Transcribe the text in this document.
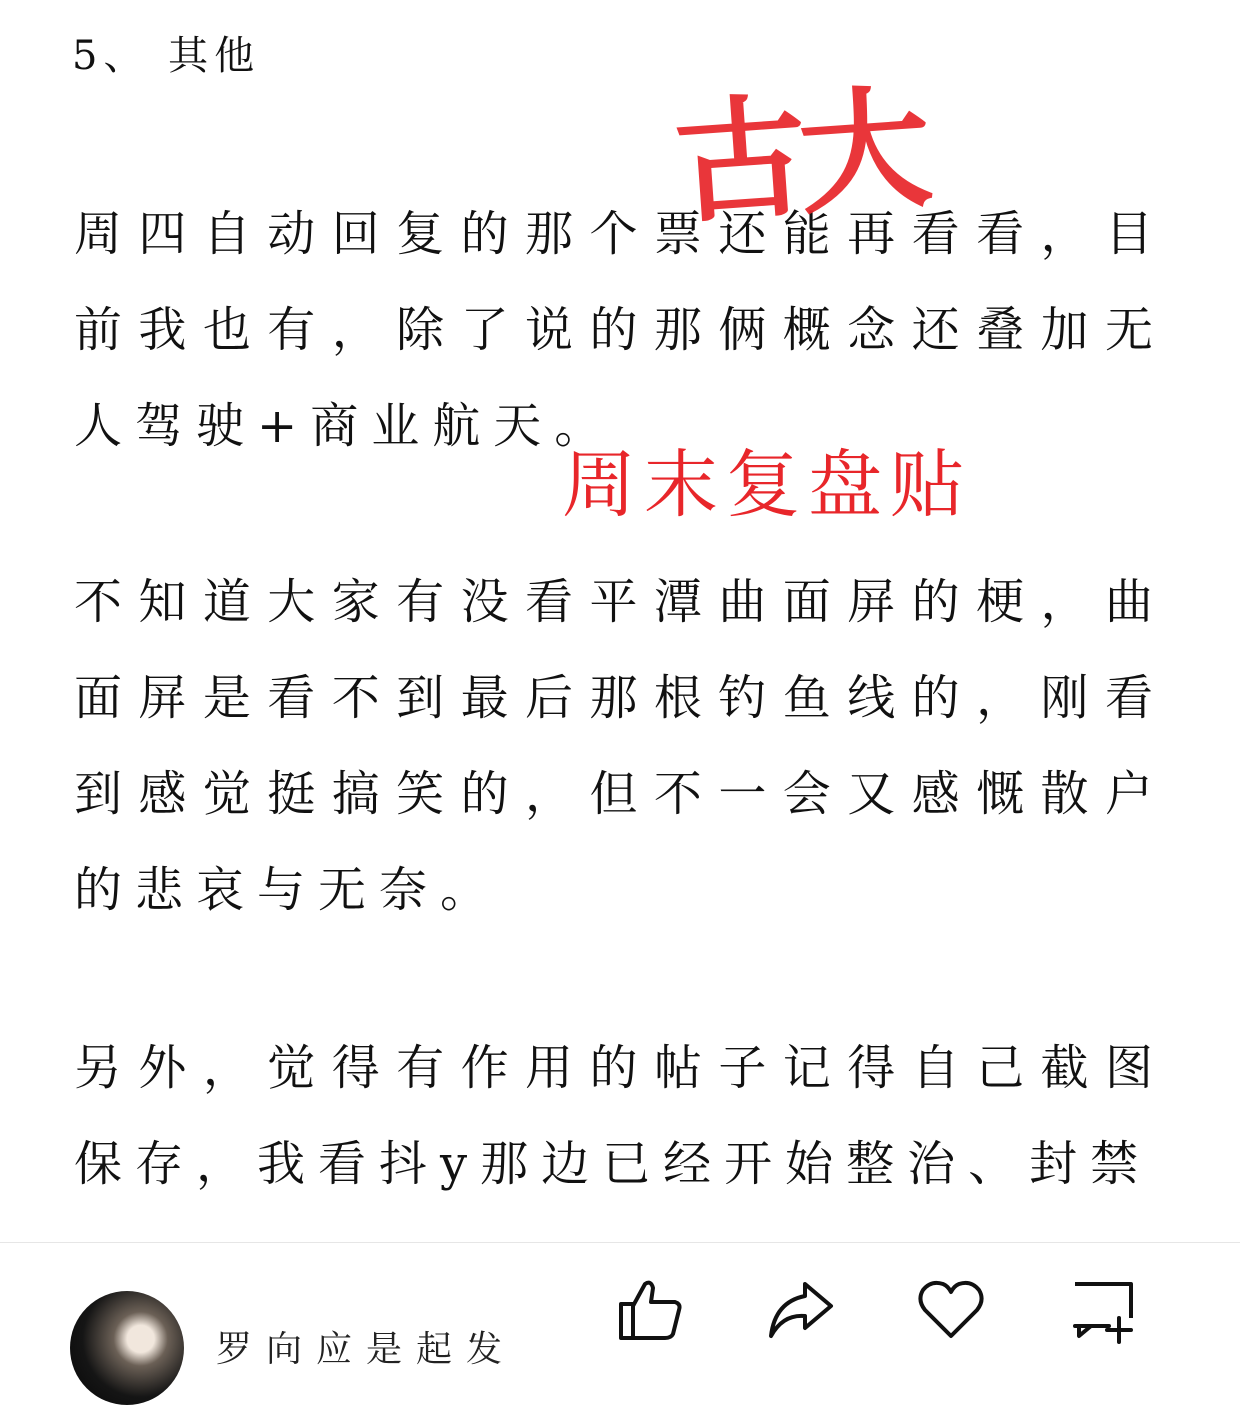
5、 其他

周四自动回复的那个票还能再看看，目前我也有，除了说的那俩概念还叠加无人驾驶+商业航天。

不知道大家有没看平潭曲面屏的梗，曲面屏是看不到最后那根钓鱼线的，刚看到感觉挺搞笑的，但不一会又感慨散户的悲哀与无奈。

另外，觉得有作用的帖子记得自己截图保存，我看抖y那边已经开始整治、封禁

古大
周末复盘贴
罗向应是起发
